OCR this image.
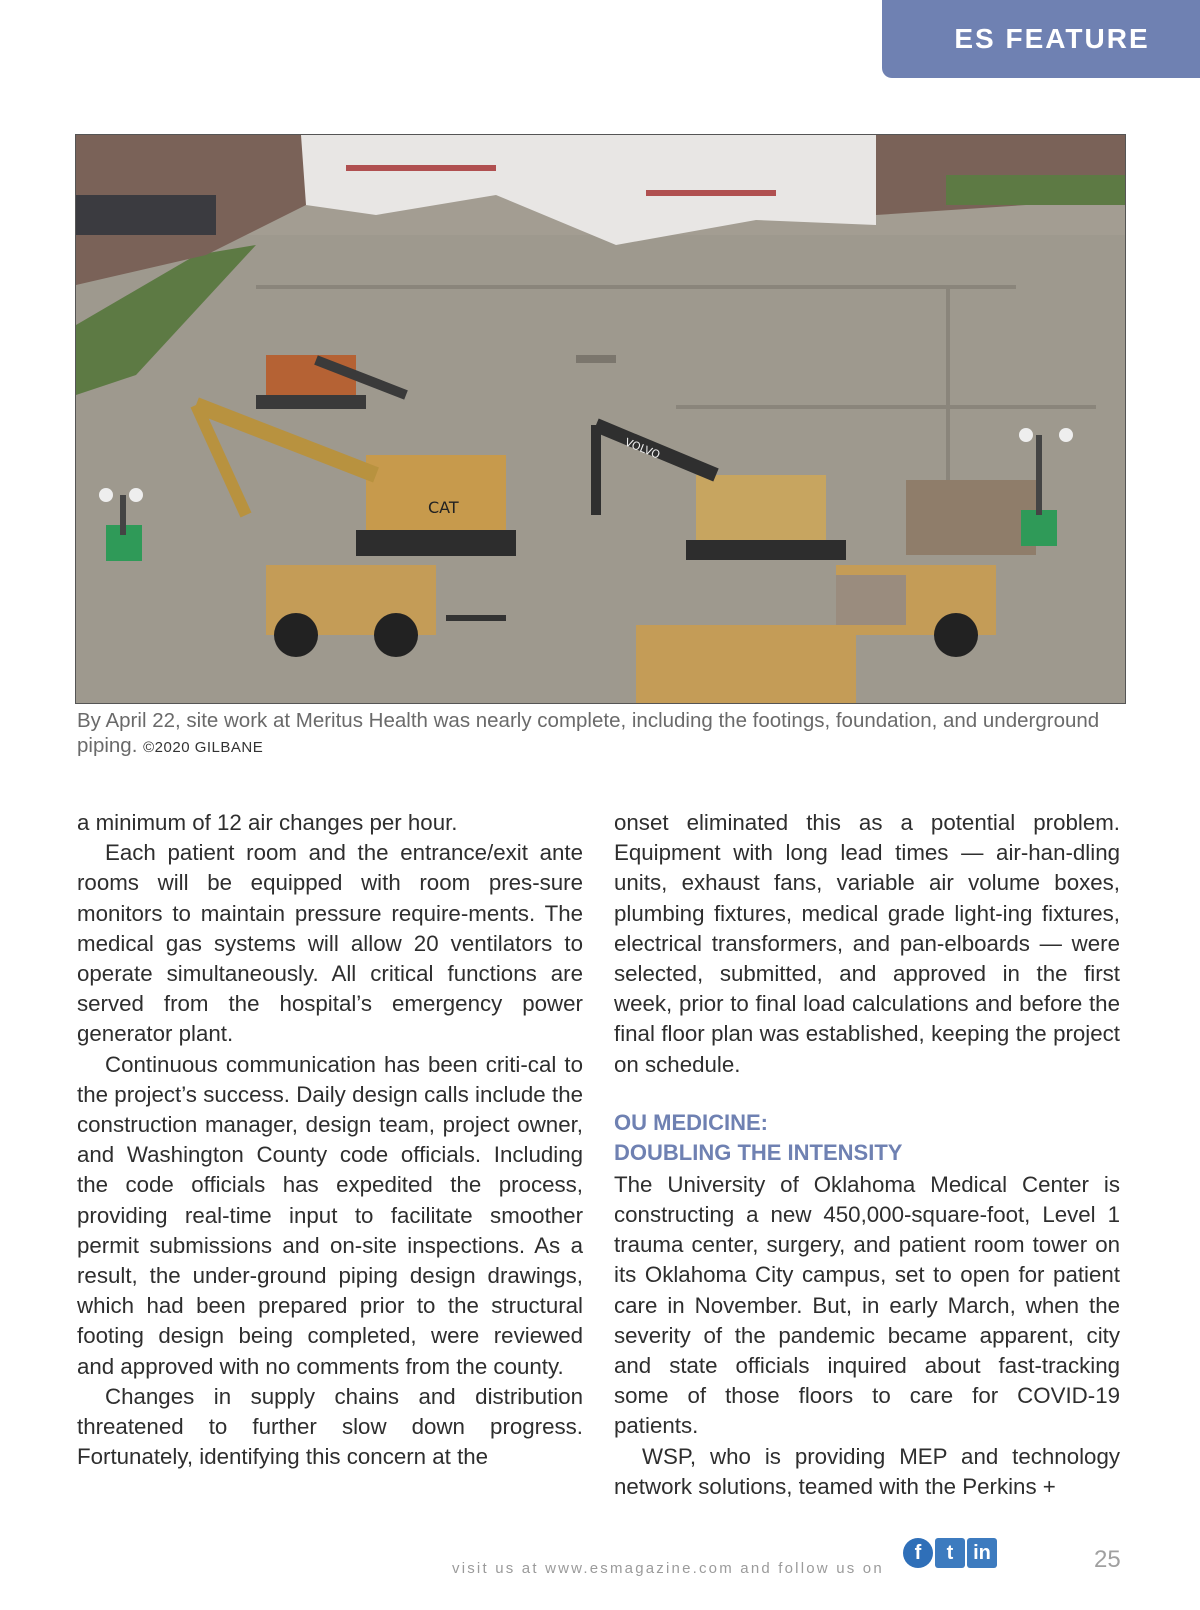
ES FEATURE
CAT
VOLVO
By April 22, site work at Meritus Health was nearly complete, including the footings, foundation, and underground piping. ©2020 GILBANE

a minimum of 12 air changes per hour.

Each patient room and the entrance/exit ante rooms will be equipped with room pres-sure monitors to maintain pressure require-ments. The medical gas systems will allow 20 ventilators to operate simultaneously. All critical functions are served from the hospital’s emergency power generator plant.

Continuous communication has been criti-cal to the project’s success. Daily design calls include the construction manager, design team, project owner, and Washington County code officials. Including the code officials has expedited the process, providing real-time input to facilitate smoother permit submissions and on-site inspections. As a result, the under-ground piping design drawings, which had been prepared prior to the structural footing design being completed, were reviewed and approved with no comments from the county.

Changes in supply chains and distribution threatened to further slow down progress. Fortunately, identifying this concern at the

onset eliminated this as a potential problem. Equipment with long lead times — air-han-dling units, exhaust fans, variable air volume boxes, plumbing fixtures, medical grade light-ing fixtures, electrical transformers, and pan-elboards — were selected, submitted, and approved in the first week, prior to final load calculations and before the final floor plan was established, keeping the project on schedule.

OU MEDICINE:
DOUBLING THE INTENSITY

The University of Oklahoma Medical Center is constructing a new 450,000-square-foot, Level 1 trauma center, surgery, and patient room tower on its Oklahoma City campus, set to open for patient care in November. But, in early March, when the severity of the pandemic became apparent, city and state officials inquired about fast-tracking some of those floors to care for COVID-19 patients.

WSP, who is providing MEP and technology network solutions, teamed with the Perkins +

visit us at www.esmagazine.com and follow us on
f	t in	25
